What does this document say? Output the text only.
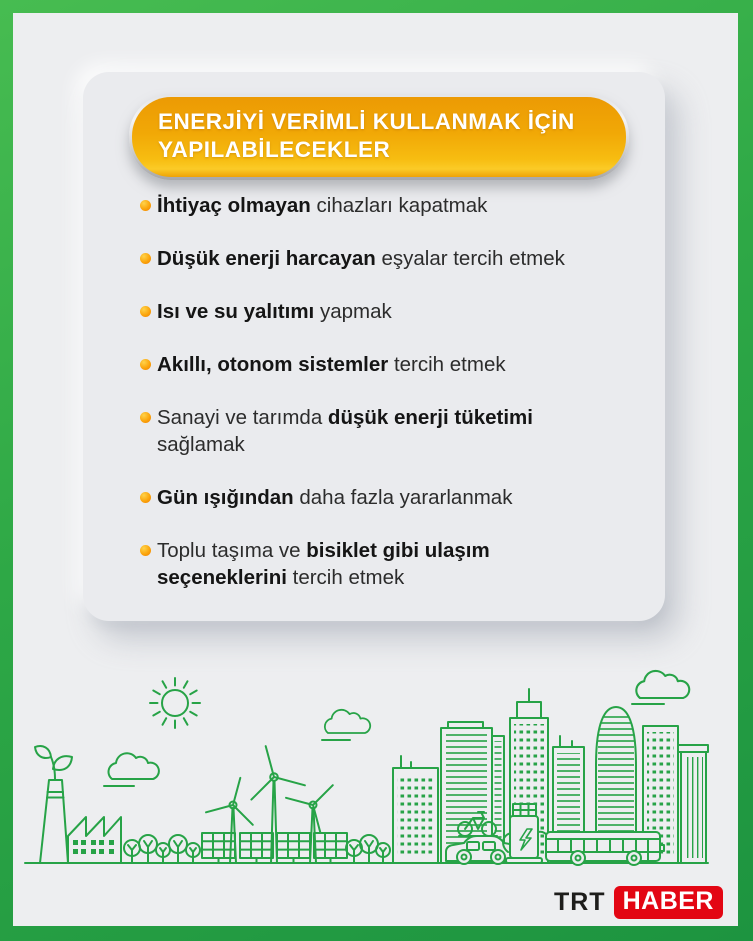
ENERJİYİ VERİMLİ KULLANMAK İÇİN YAPILABİLECEKLER
İhtiyaç olmayan cihazları kapatmak
Düşük enerji harcayan eşyalar tercih etmek
Isı ve su yalıtımı yapmak
Akıllı, otonom sistemler tercih etmek
Sanayi ve tarımda düşük enerji tüketimi sağlamak
Gün ışığından daha fazla yararlanmak
Toplu taşıma ve bisiklet gibi ulaşım seçeneklerini tercih etmek
TRT HABER
